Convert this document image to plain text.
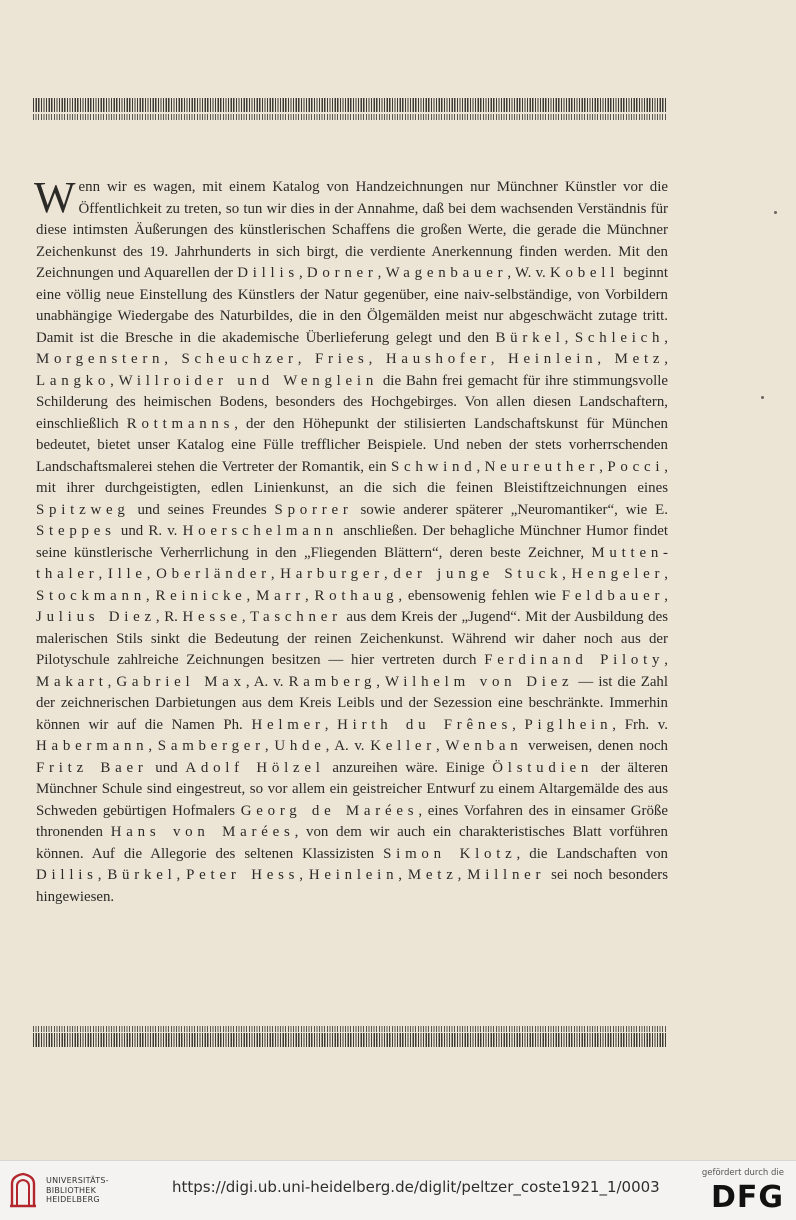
W enn wir es wagen, mit einem Katalog von Handzeichnungen nur Münchner Künstler vor die Öffentlichkeit zu treten, so tun wir dies in der Annahme, daß bei dem wachsenden Verständnis für diese intimsten Äußerungen des künstlerischen Schaffens die großen Werte, die gerade die Münchner Zeichenkunst des 19. Jahrhunderts in sich birgt, die verdiente Anerkennung finden werden. Mit den Zeichnungen und Aquarellen der Dillis, Dorner, Wagenbauer, W. v. Kobell beginnt eine völlig neue Einstellung des Künstlers der Natur gegenüber, eine naiv-selbständige, von Vorbildern unabhängige Wiedergabe des Naturbildes, die in den Ölgemälden meist nur abgeschwächt zutage tritt. Damit ist die Bresche in die akademische Überlieferung gelegt und den Bürkel, Schleich, Morgenstern, Scheuchzer, Fries, Haushofer, Heinlein, Metz, Langko, Willroider und Wenglein die Bahn frei gemacht für ihre stimmungsvolle Schilderung des heimischen Bodens, besonders des Hochgebirges. Von allen diesen Landschaftern, einschließlich Rottmanns, der den Höhepunkt der stilisierten Landschaftskunst für München bedeutet, bietet unser Katalog eine Fülle trefflicher Beispiele. Und neben der stets vorherrschenden Landschaftsmalerei stehen die Vertreter der Romantik, ein Schwind, Neureuther, Pocci, mit ihrer durchgeistigten, edlen Linienkunst, an die sich die feinen Bleistiftzeichnungen eines Spitzweg und seines Freundes Sporrer sowie anderer späterer „Neuromantiker“, wie E. Steppes und R. v. Hoerschelmann anschließen. Der behagliche Münchner Humor findet seine künstlerische Verherrlichung in den „Fliegenden Blättern“, deren beste Zeichner, Muttenthaler, Ille, Oberländer, Harburger, der junge Stuck, Hengeler, Stockmann, Reinicke, Marr, Rothaug, ebensowenig fehlen wie Feldbauer, Julius Diez, R. Hesse, Taschner aus dem Kreis der „Jugend“. Mit der Ausbildung des malerischen Stils sinkt die Bedeutung der reinen Zeichenkunst. Während wir daher noch aus der Pilotyschule zahlreiche Zeichnungen besitzen — hier vertreten durch Ferdinand Piloty, Makart, Gabriel Max, A. v. Ramberg, Wilhelm von Diez — ist die Zahl der zeichnerischen Darbietungen aus dem Kreis Leibls und der Sezession eine beschränkte. Immerhin können wir auf die Namen Ph. Helmer, Hirth du Frênes, Piglhein, Frh. v. Habermann, Samberger, Uhde, A. v. Keller, Wenban verweisen, denen noch Fritz Baer und Adolf Hölzel anzureihen wäre. Einige Ölstudien der älteren Münchner Schule sind eingestreut, so vor allem ein geistreicher Entwurf zu einem Altargemälde des aus Schweden gebürtigen Hofmalers Georg de Marées, eines Vorfahren des in einsamer Größe thronenden Hans von Marées, von dem wir auch ein charakteristisches Blatt vorführen können. Auf die Allegorie des seltenen Klassizisten Simon Klotz, die Landschaften von Dillis, Bürkel, Peter Hess, Heinlein, Metz, Millner sei noch besonders hingewiesen.

UNIVERSITÄTS-
BIBLIOTHEK
HEIDELBERG
https://digi.ub.uni-heidelberg.de/diglit/peltzer_coste1921_1/0003
gefördert durch die
DFG
